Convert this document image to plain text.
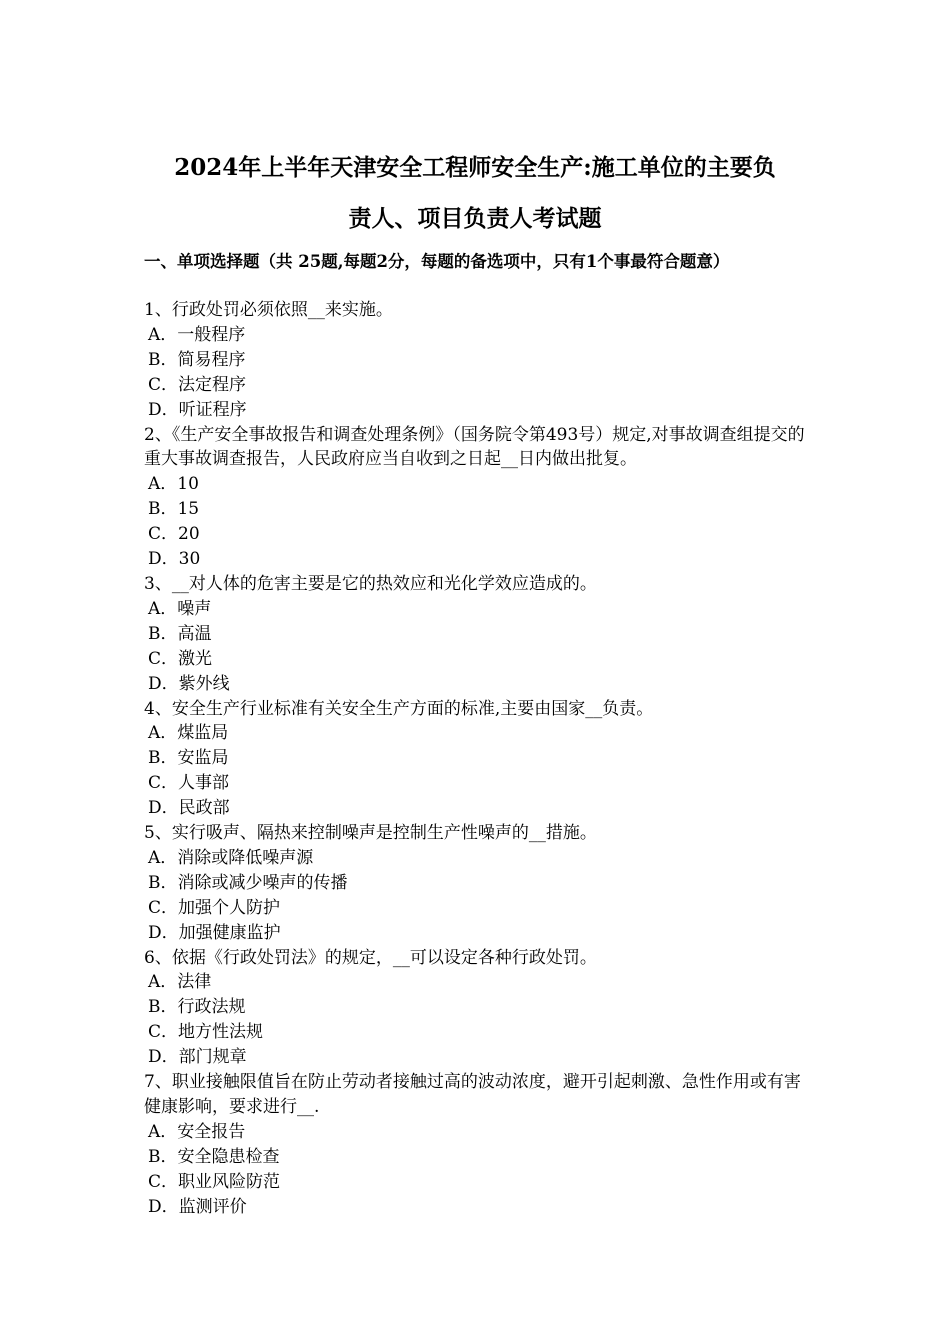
2024年上半年天津安全工程师安全生产:施工单位的主要负
责人、项目负责人考试题
一、单项选择题（共 25题,每题2分，每题的备选项中，只有1个事最符合题意）

1、行政处罚必须依照__来实施。

A．一般程序

B．简易程序

C．法定程序

D．听证程序

2、《生产安全事故报告和调查处理条例》（国务院令第493号）规定,对事故调查组提交的重大事故调查报告，人民政府应当自收到之日起__日内做出批复。

A．10

B．15

C．20

D．30

3、__对人体的危害主要是它的热效应和光化学效应造成的。

A．噪声

B．高温

C．激光

D．紫外线

4、安全生产行业标准有关安全生产方面的标准,主要由国家__负责。

A．煤监局

B．安监局

C．人事部

D．民政部

5、实行吸声、隔热来控制噪声是控制生产性噪声的__措施。

A．消除或降低噪声源

B．消除或减少噪声的传播

C．加强个人防护

D．加强健康监护

6、依据《行政处罚法》的规定，__可以设定各种行政处罚。

A．法律

B．行政法规

C．地方性法规

D．部门规章

7、职业接触限值旨在防止劳动者接触过高的波动浓度，避开引起刺激、急性作用或有害健康影响，要求进行__.

A．安全报告

B．安全隐患检查

C．职业风险防范

D．监测评价
